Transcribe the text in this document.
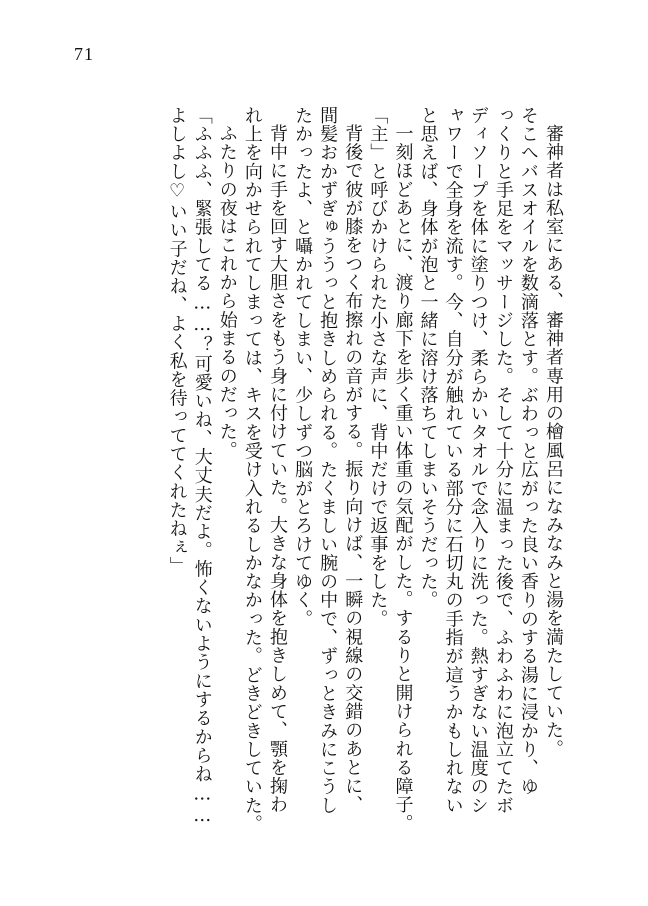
71

審神者は私室にある、審神者専用の檜風呂になみなみと湯を満たしていた。

そこへバスオイルを数滴落とす。ぶわっと広がった良い香りのする湯に浸かり、ゆ

っくりと手足をマッサージした。そして十分に温まった後で、ふわふわに泡立てたボ

ディソープを体に塗りつけ、柔らかいタオルで念入りに洗った。熱すぎない温度のシ

ャワーで全身を流す。今、自分が触れている部分に石切丸の手指が這うかもしれない

と思えば、身体が泡と一緒に溶け落ちてしまいそうだった。

一刻ほどあとに、渡り廊下を歩く重い体重の気配がした。するりと開けられる障子。

「主」と呼びかけられた小さな声に、背中だけで返事をした。

背後で彼が膝をつく布擦れの音がする。振り向けば、一瞬の視線の交錯のあとに、

間髪おかずぎゅううっと抱きしめられる。たくましい腕の中で、ずっときみにこうし

たかったよ、と囁かれてしまい、少しずつ脳がとろけてゆく。

背中に手を回す大胆さをもう身に付けていた。大きな身体を抱きしめて、顎を掬わ

れ上を向かせられてしまっては、キスを受け入れるしかなかった。どきどきしていた。

ふたりの夜はこれから始まるのだった。

「ふふふ、緊張してる……？可愛いね、大丈夫だよ。怖くないようにするからね……

よしよし♡いい子だね、よく私を待っててくれたねぇ」
